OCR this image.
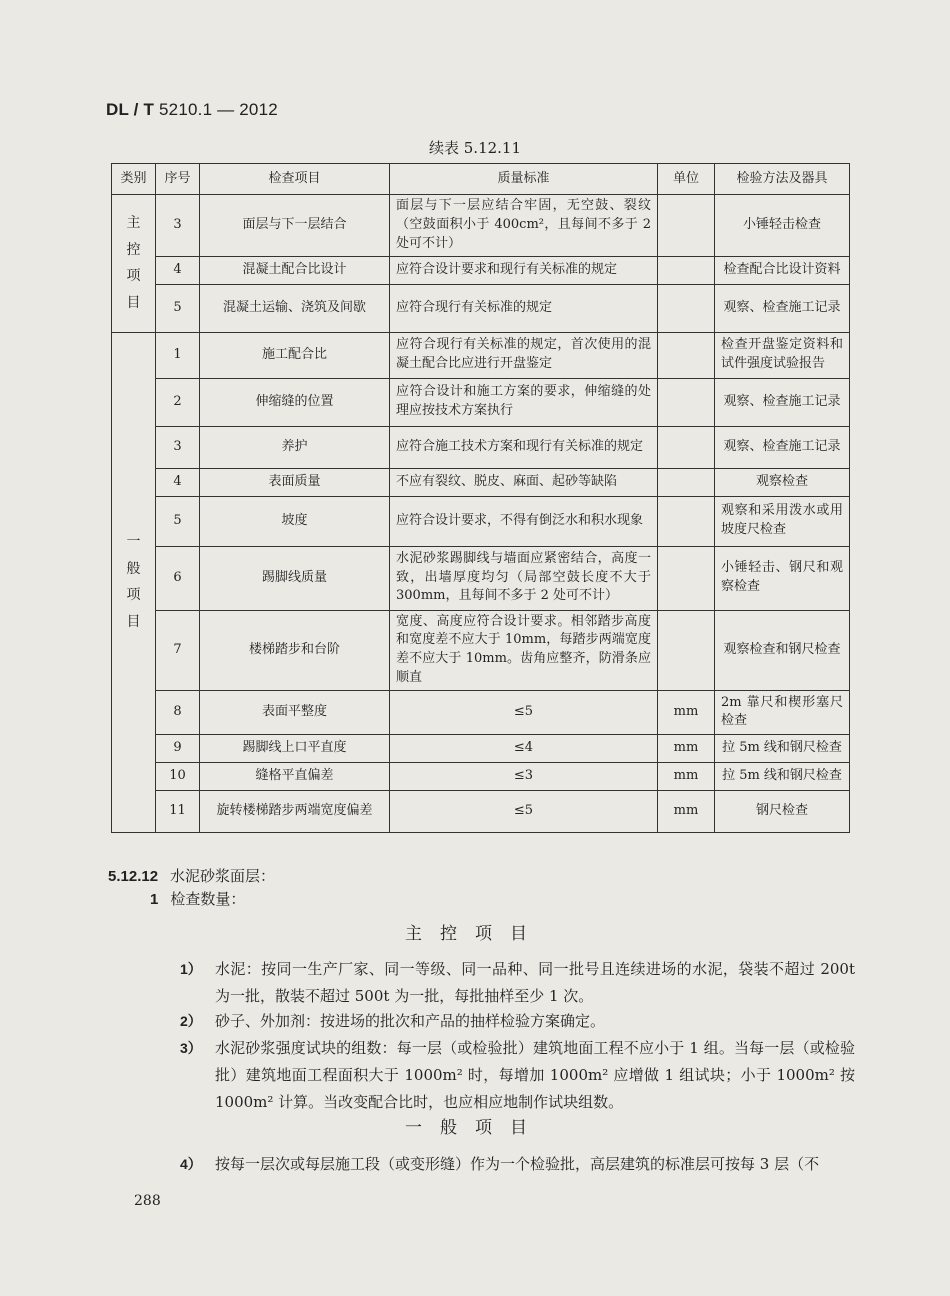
DL / T 5210.1 — 2012
续表 5.12.11
类别	序号	检查项目	质量标准	单位	检验方法及器具
主控项目	3	面层与下一层结合	面层与下一层应结合牢固，无空鼓、裂纹（空鼓面积小于 400cm²，且每间不多于 2 处可不计）		小锤轻击检查
	4	混凝土配合比设计	应符合设计要求和现行有关标准的规定		检查配合比设计资料
	5	混凝土运输、浇筑及间歇	应符合现行有关标准的规定		观察、检查施工记录
一般项目	1	施工配合比	应符合现行有关标准的规定，首次使用的混凝土配合比应进行开盘鉴定		检查开盘鉴定资料和试件强度试验报告
	2	伸缩缝的位置	应符合设计和施工方案的要求，伸缩缝的处理应按技术方案执行		观察、检查施工记录
	3	养护	应符合施工技术方案和现行有关标准的规定		观察、检查施工记录
	4	表面质量	不应有裂纹、脱皮、麻面、起砂等缺陷		观察检查
	5	坡度	应符合设计要求，不得有倒泛水和积水现象		观察和采用泼水或用坡度尺检查
	6	踢脚线质量	水泥砂浆踢脚线与墙面应紧密结合，高度一致，出墙厚度均匀（局部空鼓长度不大于 300mm，且每间不多于 2 处可不计）		小锤轻击、钢尺和观察检查
	7	楼梯踏步和台阶	宽度、高度应符合设计要求。相邻踏步高度和宽度差不应大于 10mm，每踏步两端宽度差不应大于 10mm。齿角应整齐，防滑条应顺直		观察检查和钢尺检查
	8	表面平整度	≤5	mm	2m 靠尺和楔形塞尺检查
	9	踢脚线上口平直度	≤4	mm	拉 5m 线和钢尺检查
	10	缝格平直偏差	≤3	mm	拉 5m 线和钢尺检查
	11	旋转楼梯踏步两端宽度偏差	≤5	mm	钢尺检查
5.12.12 水泥砂浆面层：
1 检查数量：
主控项目
1） 水泥：按同一生产厂家、同一等级、同一品种、同一批号且连续进场的水泥，袋装不超过 200t 为一批，散装不超过 500t 为一批，每批抽样至少 1 次。
2） 砂子、外加剂：按进场的批次和产品的抽样检验方案确定。
3） 水泥砂浆强度试块的组数：每一层（或检验批）建筑地面工程不应小于 1 组。当每一层（或检验批）建筑地面工程面积大于 1000m² 时，每增加 1000m² 应增做 1 组试块；小于 1000m² 按 1000m² 计算。当改变配合比时，也应相应地制作试块组数。
一般项目
4） 按每一层次或每层施工段（或变形缝）作为一个检验批，高层建筑的标准层可按每 3 层（不
288
